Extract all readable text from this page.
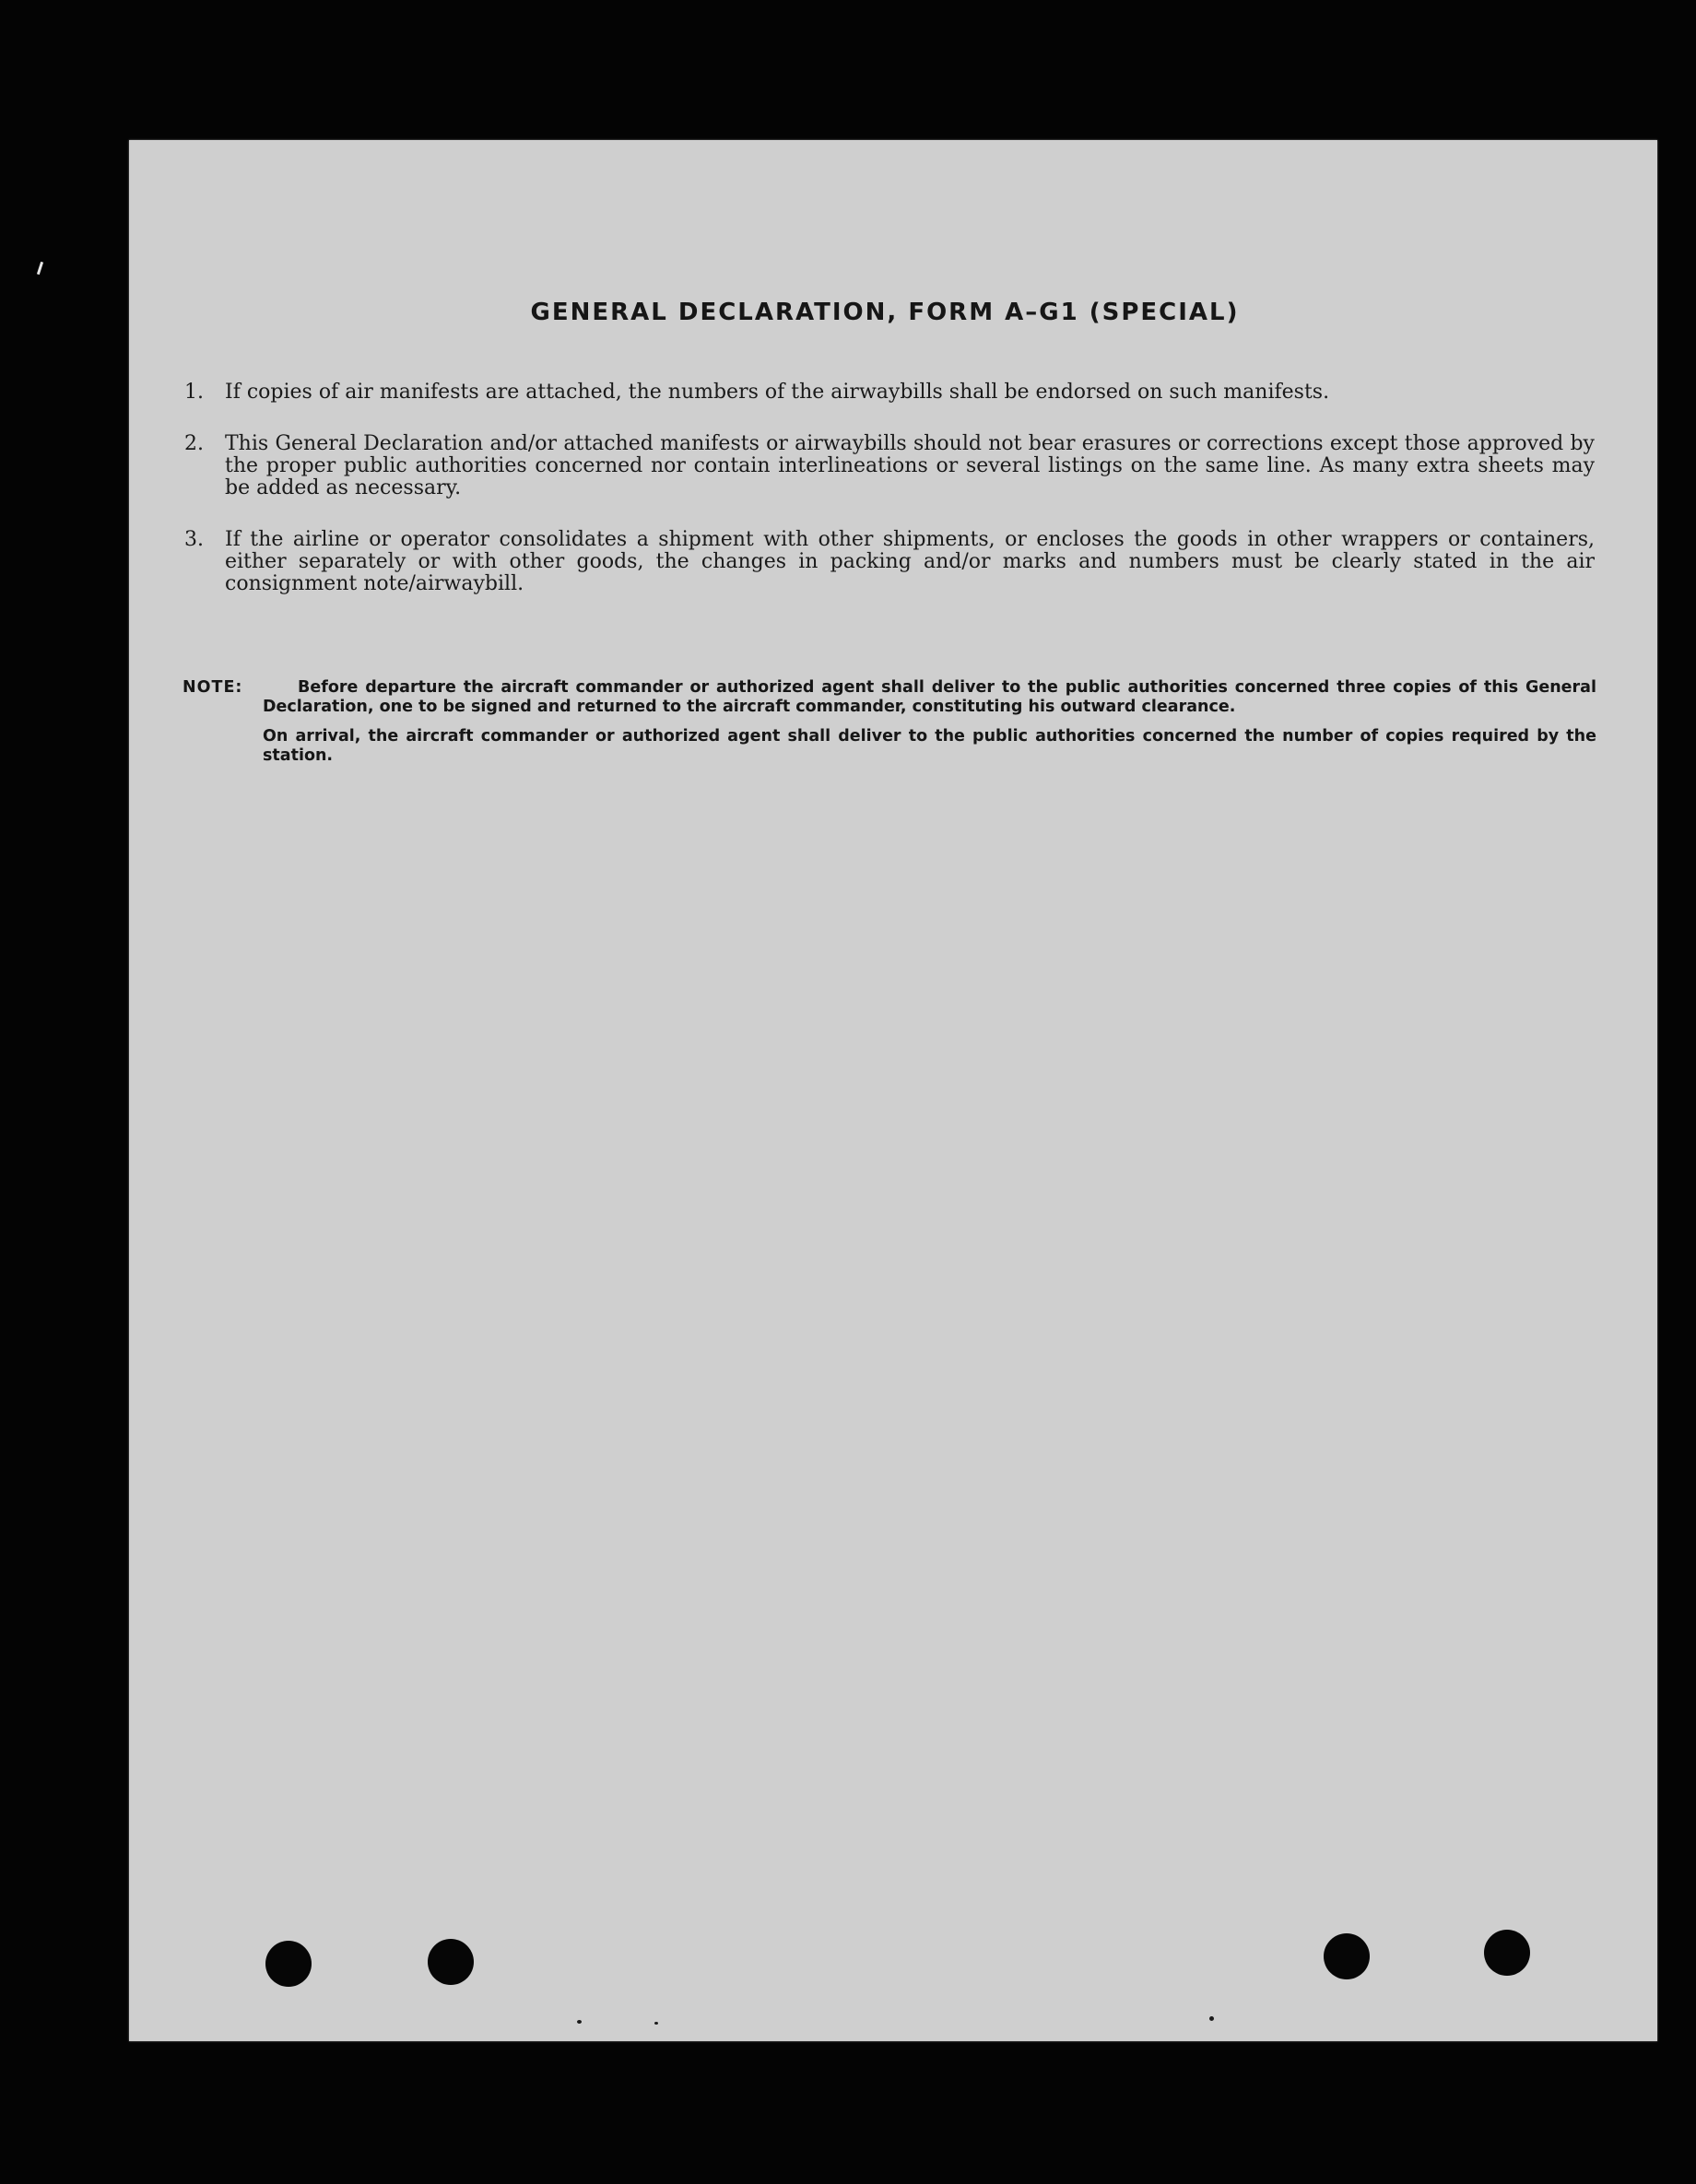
GENERAL DECLARATION, FORM A–G1 (SPECIAL)
1.	If copies of air manifests are attached, the numbers of the airwaybills shall be endorsed on such manifests.
2.	This General Declaration and/or attached manifests or airwaybills should not bear erasures or corrections except those approved by the proper public authorities concerned nor contain interlineations or several listings on the same line. As many extra sheets may be added as necessary.
3.	If the airline or operator consolidates a shipment with other shipments, or encloses the goods in other wrappers or containers, either separately or with other goods, the changes in packing and/or marks and numbers must be clearly stated in the air consignment note/airwaybill.
NOTE:	Before departure the aircraft commander or authorized agent shall deliver to the public authorities concerned three copies of this General Declaration, one to be signed and returned to the aircraft commander, constituting his outward clearance.
On arrival, the aircraft commander or authorized agent shall deliver to the public authorities concerned the number of copies required by the station.
